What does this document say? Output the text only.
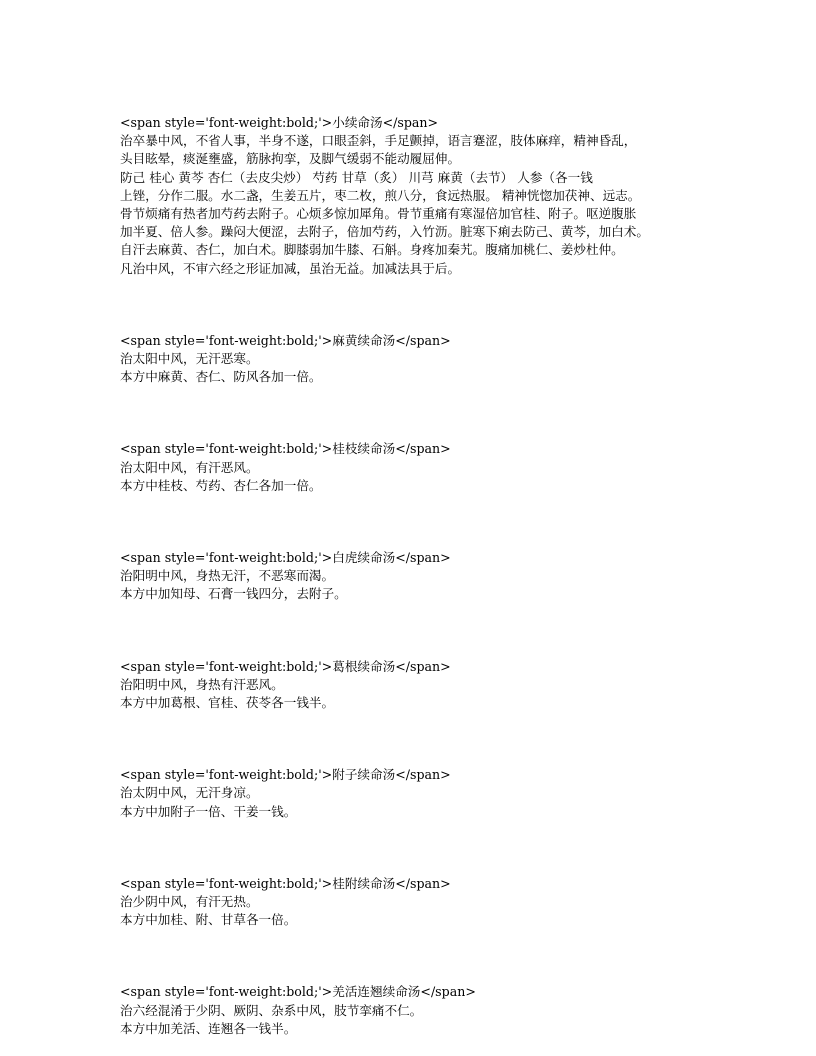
<span style='font-weight:bold;'>小续命汤</span>
治卒暴中风，不省人事，半身不遂，口眼歪斜，手足颤掉，语言蹇涩，肢体麻痒，精神昏乱，
头目眩晕，痰涎壅盛，筋脉拘挛，及脚气缓弱不能动履屈伸。
防己 桂心 黄芩 杏仁（去皮尖炒） 芍药 甘草（炙） 川芎 麻黄（去节） 人参（各一钱
上锉，分作二服。水二盏，生姜五片，枣二枚，煎八分，食远热服。 精神恍惚加茯神、远志。
骨节烦痛有热者加芍药去附子。心烦多惊加犀角。骨节重痛有寒湿倍加官桂、附子。呕逆腹胀
加半夏、倍人参。躁闷大便涩，去附子，倍加芍药，入竹沥。脏寒下痢去防己、黄芩，加白术。
自汗去麻黄、杏仁，加白术。脚膝弱加牛膝、石斛。身疼加秦艽。腹痛加桃仁、姜炒杜仲。
凡治中风，不审六经之形证加减，虽治无益。加减法具于后。
<span style='font-weight:bold;'>麻黄续命汤</span>
治太阳中风，无汗恶寒。
本方中麻黄、杏仁、防风各加一倍。
<span style='font-weight:bold;'>桂枝续命汤</span>
治太阳中风，有汗恶风。
本方中桂枝、芍药、杏仁各加一倍。
<span style='font-weight:bold;'>白虎续命汤</span>
治阳明中风，身热无汗，不恶寒而渴。
本方中加知母、石膏一钱四分，去附子。
<span style='font-weight:bold;'>葛根续命汤</span>
治阳明中风，身热有汗恶风。
本方中加葛根、官桂、茯苓各一钱半。
<span style='font-weight:bold;'>附子续命汤</span>
治太阴中风，无汗身凉。
本方中加附子一倍、干姜一钱。
<span style='font-weight:bold;'>桂附续命汤</span>
治少阴中风，有汗无热。
本方中加桂、附、甘草各一倍。
<span style='font-weight:bold;'>羌活连翘续命汤</span>
治六经混淆于少阴、厥阴、杂系中风，肢节挛痛不仁。
本方中加羌活、连翘各一钱半。
